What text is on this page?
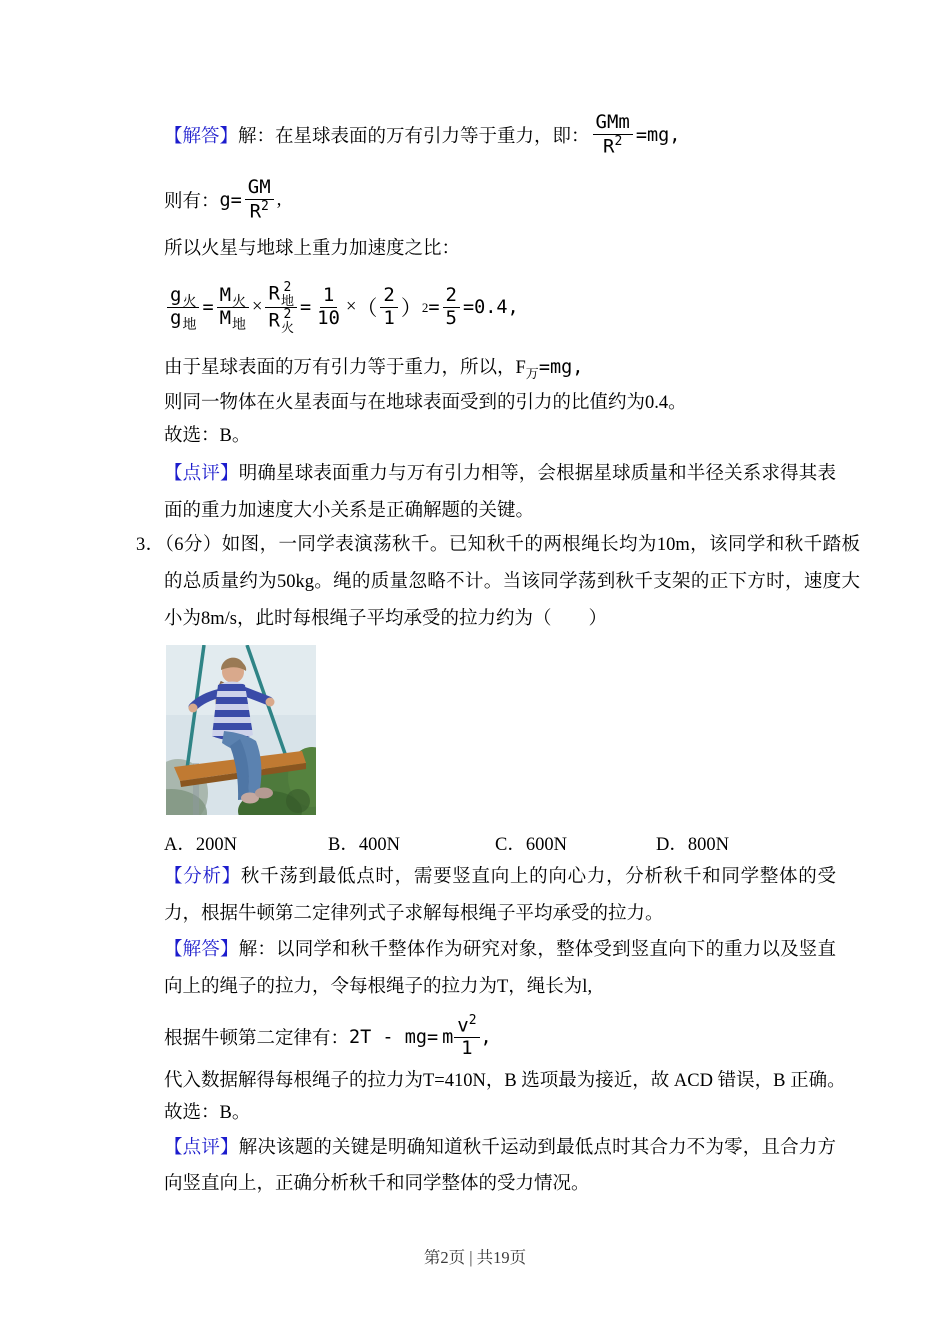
【解答】 解：在星球表面的万有引力等于重力，即： $\frac{\text{GMm}}{R^2} =mg$,
则有： $g= \frac{GM}{R^2}$ ,
所以火星与地球上重力加速度之比：
$\frac{g_火}{g_地} = \frac{M_火}{M_地} \times R$ 2
地
R 2
火 = $\frac{1}{10}$ × （ $\frac{2}{1}$ ） $2 = \frac{2}{5} =0.4$,
由于星球表面的万有引力等于重力，所以，$F_万=mg$,
则同一物体在火星表面与在地球表面受到的引力的比值约为0.4。
故选：B。
【点评】明确星球表面重力与万有引力相等，会根据星球质量和半径关系求得其表面的重力加速度大小关系是正确解题的关键。
3．（6分）如图，一同学表演荡秋千。已知秋千的两根绳长均为10m，该同学和秋千踏板的总质量约为50kg。绳的质量忽略不计。当该同学荡到秋千支架的正下方时，速度大小为8m/s，此时每根绳子平均承受的拉力约为（　　）
A．200N	B．400N	C．600N	D．800N
【分析】秋千荡到最低点时，需要竖直向上的向心力，分析秋千和同学整体的受力，根据牛顿第二定律列式子求解每根绳子平均承受的拉力。
【解答】解：以同学和秋千整体作为研究对象，整体受到竖直向下的重力以及竖直向上的绳子的拉力，令每根绳子的拉力为T，绳长为l,
根据牛顿第二定律有： 2T - mg= m $\frac{v^2}{1}$ ,
代入数据解得每根绳子的拉力为T=410N，B 选项最为接近，故 ACD 错误，B 正确。
故选：B。
【点评】解决该题的关键是明确知道秋千运动到最低点时其合力不为零，且合力方向竖直向上，正确分析秋千和同学整体的受力情况。
第2页 | 共19页
